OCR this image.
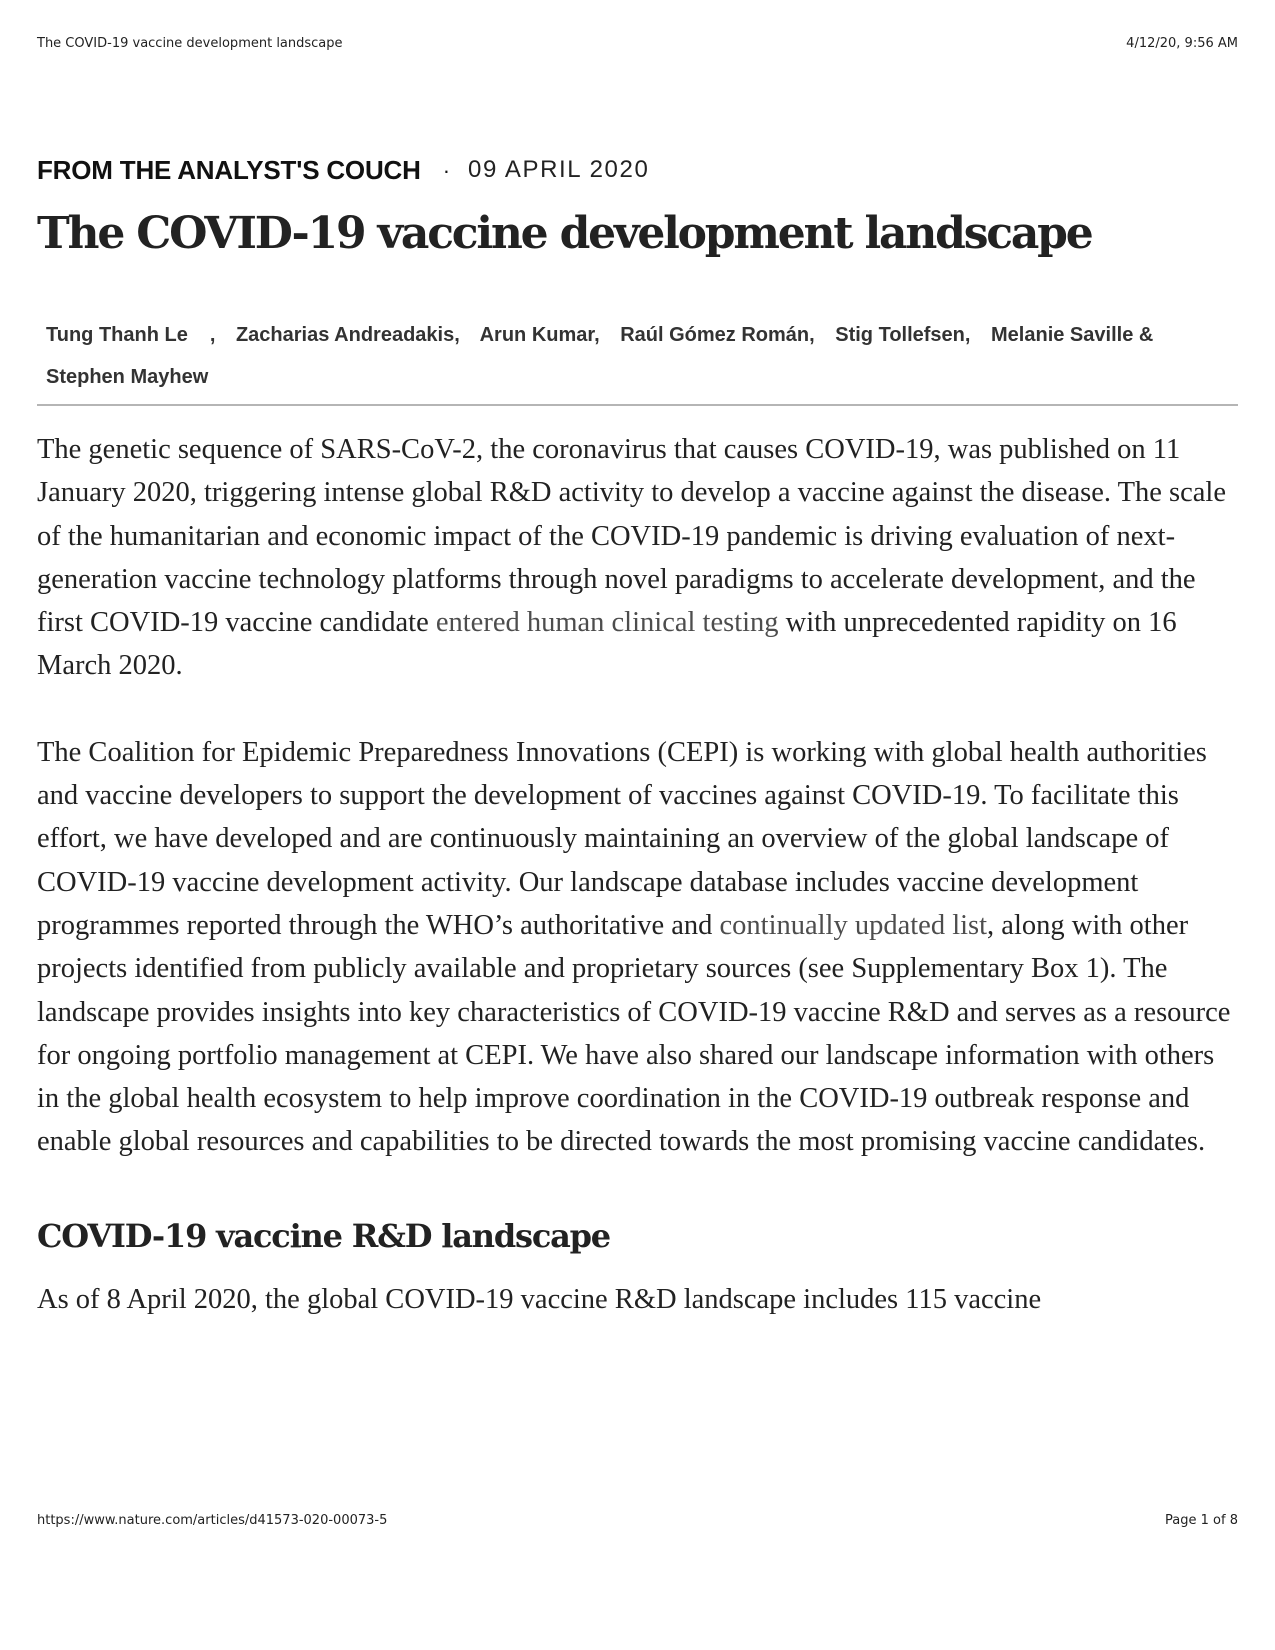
The COVID-19 vaccine development landscape	4/12/20, 9:56 AM
FROM THE ANALYST'S COUCH · 09 APRIL 2020
The COVID-19 vaccine development landscape
Tung Thanh Le , Zacharias Andreadakis, Arun Kumar, Raúl Gómez Román, Stig Tollefsen, Melanie Saville &
Stephen Mayhew

The genetic sequence of SARS-CoV-2, the coronavirus that causes COVID-19, was published on 11 January 2020, triggering intense global R&D activity to develop a vaccine against the disease. The scale of the humanitarian and economic impact of the COVID-19 pandemic is driving evaluation of next-generation vaccine technology platforms through novel paradigms to accelerate development, and the first COVID-19 vaccine candidate entered human clinical testing with unprecedented rapidity on 16 March 2020.

The Coalition for Epidemic Preparedness Innovations (CEPI) is working with global health authorities and vaccine developers to support the development of vaccines against COVID-19. To facilitate this effort, we have developed and are continuously maintaining an overview of the global landscape of COVID-19 vaccine development activity. Our landscape database includes vaccine development programmes reported through the WHO’s authoritative and continually updated list, along with other projects identified from publicly available and proprietary sources (see Supplementary Box 1). The landscape provides insights into key characteristics of COVID-19 vaccine R&D and serves as a resource for ongoing portfolio management at CEPI. We have also shared our landscape information with others in the global health ecosystem to help improve coordination in the COVID-19 outbreak response and enable global resources and capabilities to be directed towards the most promising vaccine candidates.

COVID-19 vaccine R&D landscape

As of 8 April 2020, the global COVID-19 vaccine R&D landscape includes 115 vaccine

https://www.nature.com/articles/d41573-020-00073-5	Page 1 of 8
